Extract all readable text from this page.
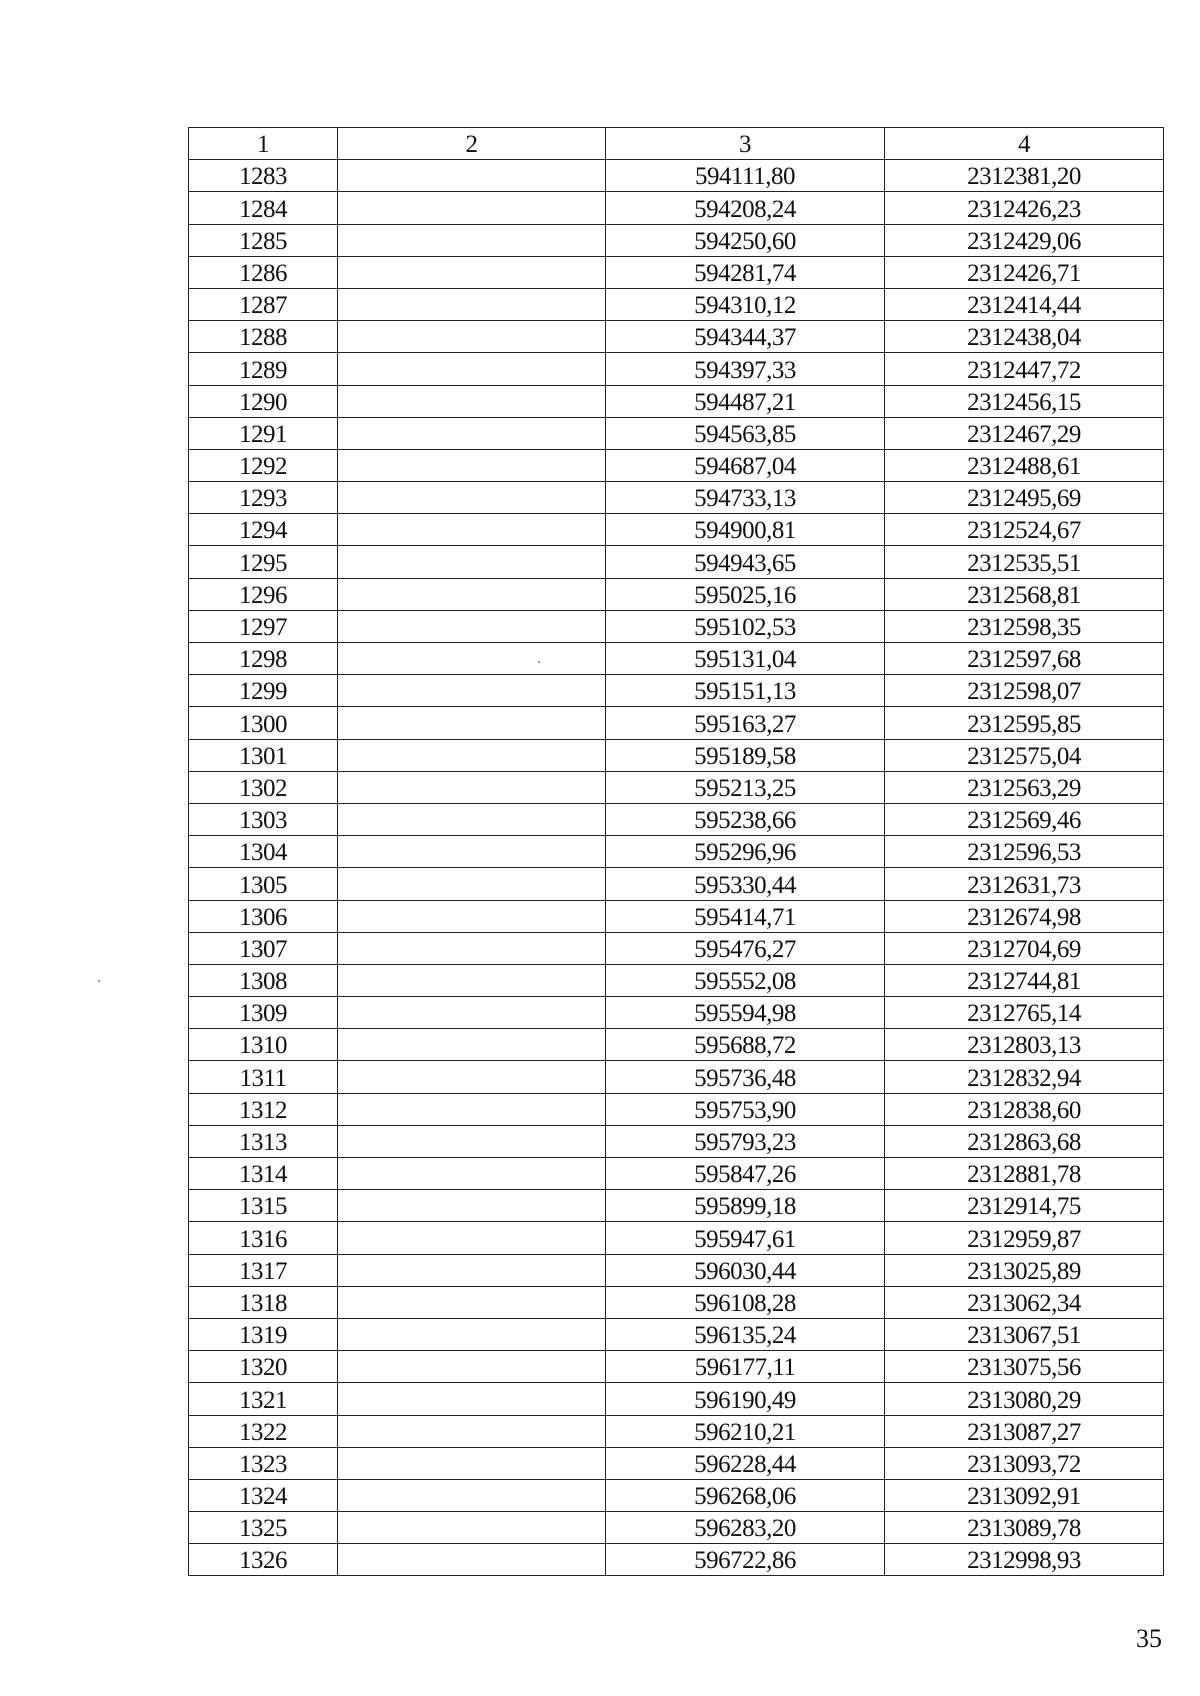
1	2	3	4
1283		594111,80	2312381,20
1284		594208,24	2312426,23
1285		594250,60	2312429,06
1286		594281,74	2312426,71
1287		594310,12	2312414,44
1288		594344,37	2312438,04
1289		594397,33	2312447,72
1290		594487,21	2312456,15
1291		594563,85	2312467,29
1292		594687,04	2312488,61
1293		594733,13	2312495,69
1294		594900,81	2312524,67
1295		594943,65	2312535,51
1296		595025,16	2312568,81
1297		595102,53	2312598,35
1298		595131,04	2312597,68
1299		595151,13	2312598,07
1300		595163,27	2312595,85
1301		595189,58	2312575,04
1302		595213,25	2312563,29
1303		595238,66	2312569,46
1304		595296,96	2312596,53
1305		595330,44	2312631,73
1306		595414,71	2312674,98
1307		595476,27	2312704,69
1308		595552,08	2312744,81
1309		595594,98	2312765,14
1310		595688,72	2312803,13
1311		595736,48	2312832,94
1312		595753,90	2312838,60
1313		595793,23	2312863,68
1314		595847,26	2312881,78
1315		595899,18	2312914,75
1316		595947,61	2312959,87
1317		596030,44	2313025,89
1318		596108,28	2313062,34
1319		596135,24	2313067,51
1320		596177,11	2313075,56
1321		596190,49	2313080,29
1322		596210,21	2313087,27
1323		596228,44	2313093,72
1324		596268,06	2313092,91
1325		596283,20	2313089,78
1326		596722,86	2312998,93
35
